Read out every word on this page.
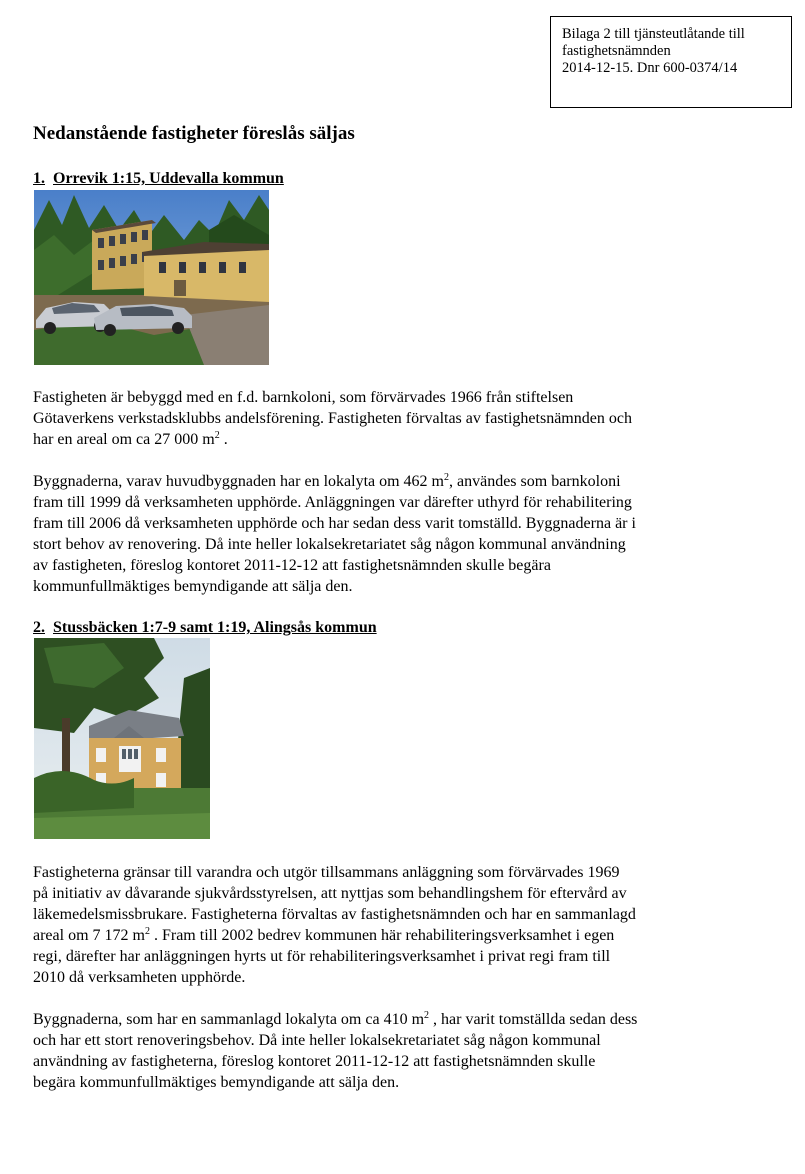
Bilaga 2 till tjänsteutlåtande till
fastighetsnämnden
2014-12-15. Dnr 600-0374/14
Nedanstående fastigheter föreslås säljas
1. Orrevik 1:15, Uddevalla kommun
Fastigheten är bebyggd med en f.d. barnkoloni, som förvärvades 1966 från stiftelsen
Götaverkens verkstadsklubbs andelsförening. Fastigheten förvaltas av fastighetsnämnden och
har en areal om ca 27 000 $m^2$ .
Byggnaderna, varav huvudbyggnaden har en lokalyta om 462 $m^2$, användes som barnkoloni
fram till 1999 då verksamheten upphörde. Anläggningen var därefter uthyrd för rehabilitering
fram till 2006 då verksamheten upphörde och har sedan dess varit tomställd. Byggnaderna är i
stort behov av renovering. Då inte heller lokalsekretariatet såg någon kommunal användning
av fastigheten, föreslog kontoret 2011-12-12 att fastighetsnämnden skulle begära
kommunfullmäktiges bemyndigande att sälja den.
2. Stussbäcken 1:7-9 samt 1:19, Alingsås kommun
Fastigheterna gränsar till varandra och utgör tillsammans anläggning som förvärvades 1969
på initiativ av dåvarande sjukvårdsstyrelsen, att nyttjas som behandlingshem för eftervård av
läkemedelsmissbrukare. Fastigheterna förvaltas av fastighetsnämnden och har en sammanlagd
areal om 7 172 $m^2$ . Fram till 2002 bedrev kommunen här rehabiliteringsverksamhet i egen
regi, därefter har anläggningen hyrts ut för rehabiliteringsverksamhet i privat regi fram till
2010 då verksamheten upphörde.
Byggnaderna, som har en sammanlagd lokalyta om ca 410 $m^2$ , har varit tomställda sedan dess
och har ett stort renoveringsbehov. Då inte heller lokalsekretariatet såg någon kommunal
användning av fastigheterna, föreslog kontoret 2011-12-12 att fastighetsnämnden skulle
begära kommunfullmäktiges bemyndigande att sälja den.
